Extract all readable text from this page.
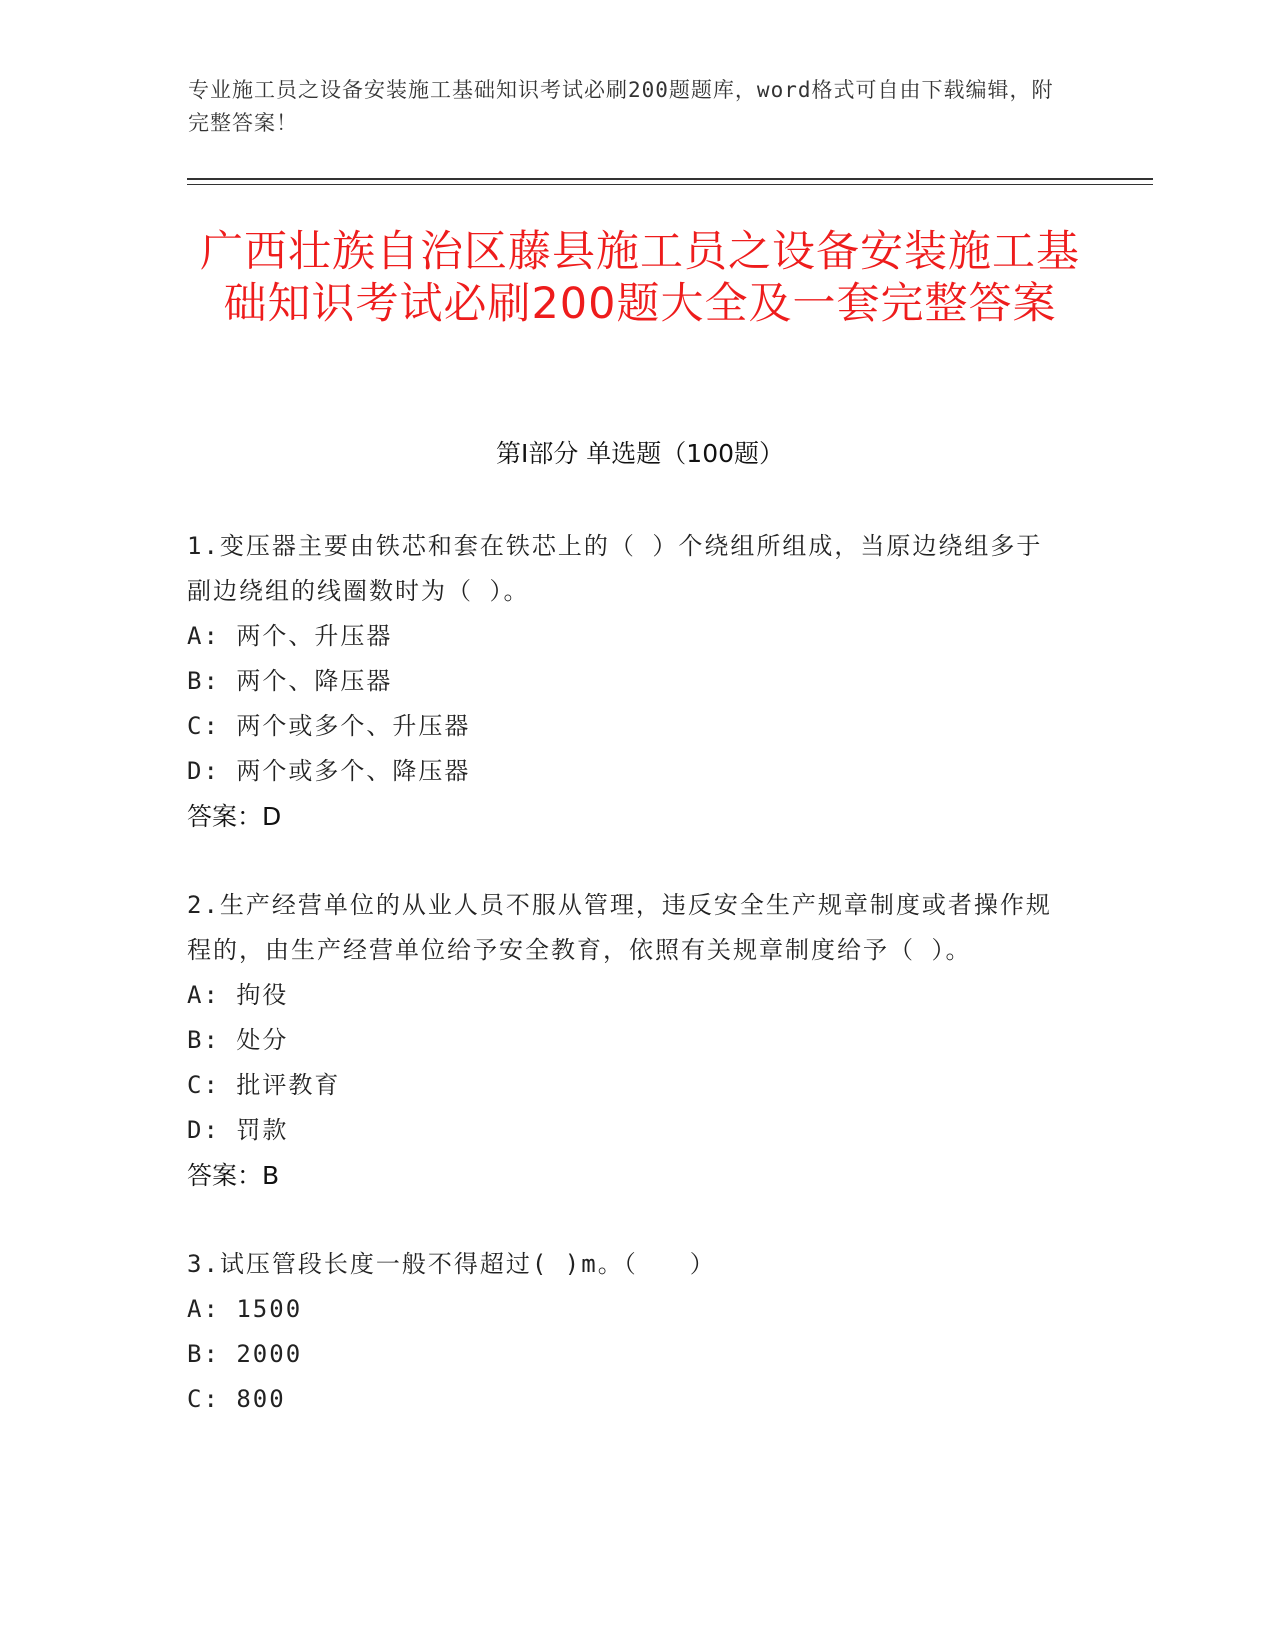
专业施工员之设备安装施工基础知识考试必刷200题题库，word格式可自由下载编辑，附完整答案！
广西壮族自治区藤县施工员之设备安装施工基础知识考试必刷200题大全及一套完整答案
第Ⅰ部分 单选题（100题）
1.变压器主要由铁芯和套在铁芯上的（ ）个绕组所组成，当原边绕组多于副边绕组的线圈数时为（ ）。
A: 两个、升压器
B: 两个、降压器
C: 两个或多个、升压器
D: 两个或多个、降压器
答案：D
2.生产经营单位的从业人员不服从管理，违反安全生产规章制度或者操作规程的，由生产经营单位给予安全教育，依照有关规章制度给予（ ）。
A: 拘役
B: 处分
C: 批评教育
D: 罚款
答案：B
3.试压管段长度一般不得超过( )m。（　　）
A: 1500
B: 2000
C: 800
